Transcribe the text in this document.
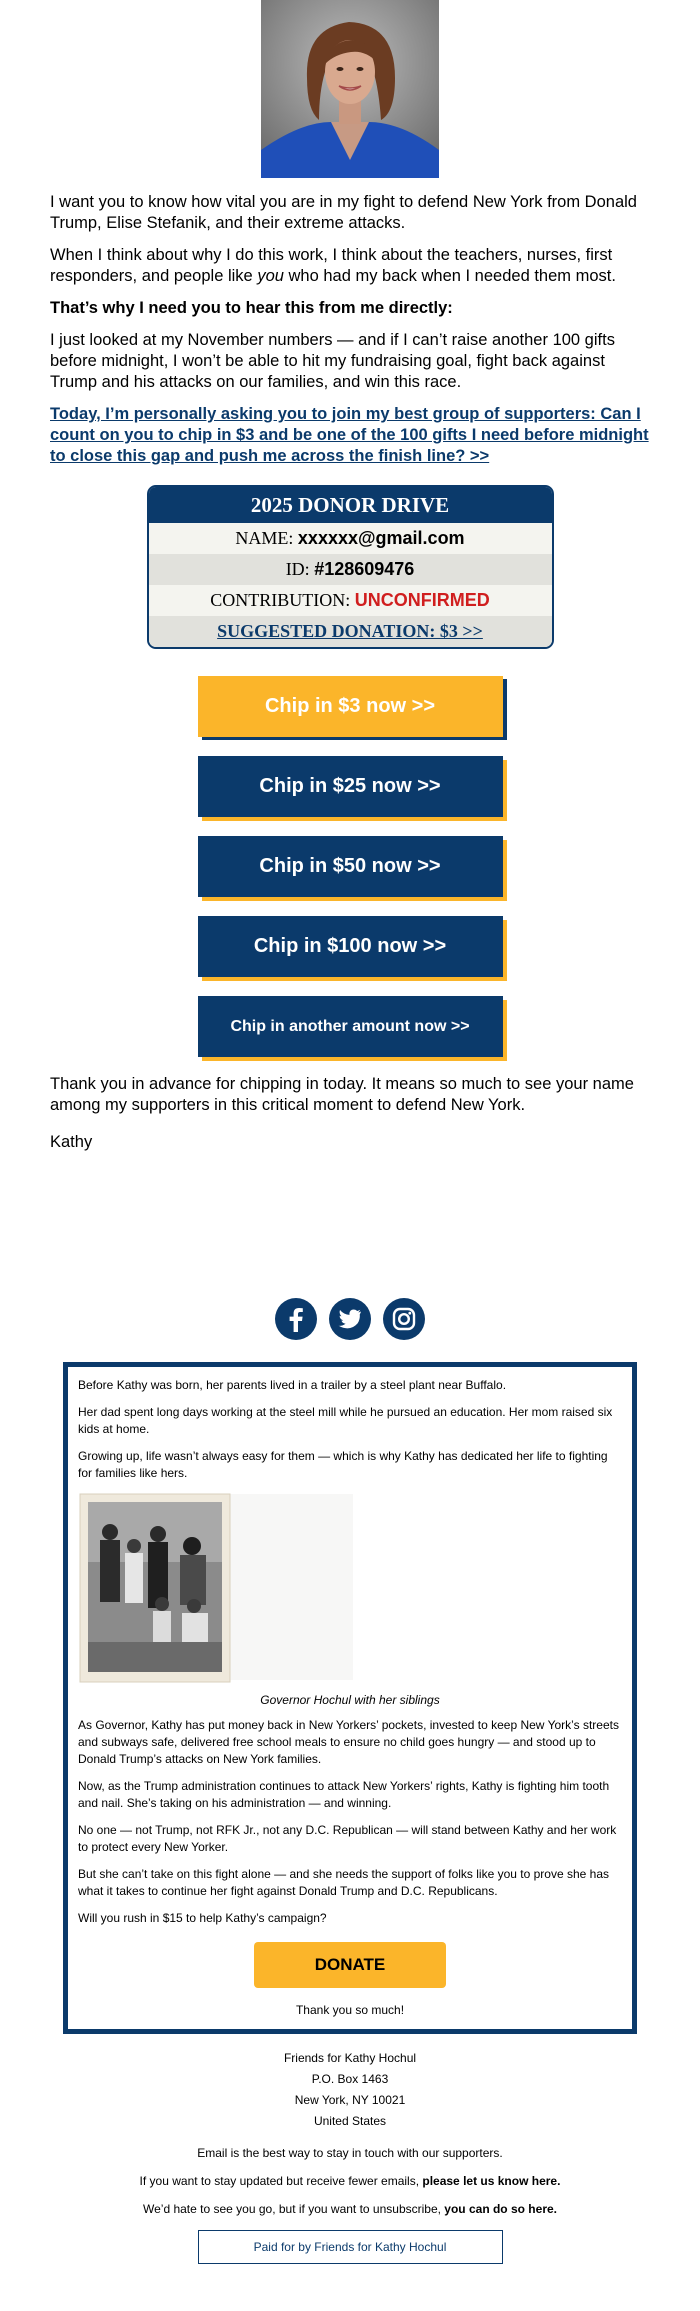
I want you to know how vital you are in my fight to defend New York from Donald Trump, Elise Stefanik, and their extreme attacks.

When I think about why I do this work, I think about the teachers, nurses, first responders, and people like you who had my back when I needed them most.

That’s why I need you to hear this from me directly:

I just looked at my November numbers — and if I can’t raise another 100 gifts before midnight, I won’t be able to hit my fundraising goal, fight back against Trump and his attacks on our families, and win this race.

Today, I’m personally asking you to join my best group of supporters: Can I count on you to chip in $3 and be one of the 100 gifts I need before midnight to close this gap and push me across the finish line? >>
2025 DONOR DRIVE
NAME: xxxxxx@gmail.com
ID: #128609476
CONTRIBUTION: UNCONFIRMED
SUGGESTED DONATION: $3 >>
Chip in $3 now >>
Chip in $25 now >>
Chip in $50 now >>
Chip in $100 now >>
Chip in another amount now >>

Thank you in advance for chipping in today. It means so much to see your name among my supporters in this critical moment to defend New York.

Kathy

Before Kathy was born, her parents lived in a trailer by a steel plant near Buffalo.

Her dad spent long days working at the steel mill while he pursued an education. Her mom raised six kids at home.

Growing up, life wasn’t always easy for them — which is why Kathy has dedicated her life to fighting for families like hers.

Governor Hochul with her siblings

As Governor, Kathy has put money back in New Yorkers’ pockets, invested to keep New York’s streets and subways safe, delivered free school meals to ensure no child goes hungry — and stood up to Donald Trump’s attacks on New York families.

Now, as the Trump administration continues to attack New Yorkers’ rights, Kathy is fighting him tooth and nail. She’s taking on his administration — and winning.

No one — not Trump, not RFK Jr., not any D.C. Republican — will stand between Kathy and her work to protect every New Yorker.

But she can’t take on this fight alone — and she needs the support of folks like you to prove she has what it takes to continue her fight against Donald Trump and D.C. Republicans.

Will you rush in $15 to help Kathy’s campaign?

DONATE
Thank you so much!
Friends for Kathy Hochul
P.O. Box 1463
New York, NY 10021
United States

Email is the best way to stay in touch with our supporters.

If you want to stay updated but receive fewer emails, please let us know here.

We’d hate to see you go, but if you want to unsubscribe, you can do so here.

Paid for by Friends for Kathy Hochul
